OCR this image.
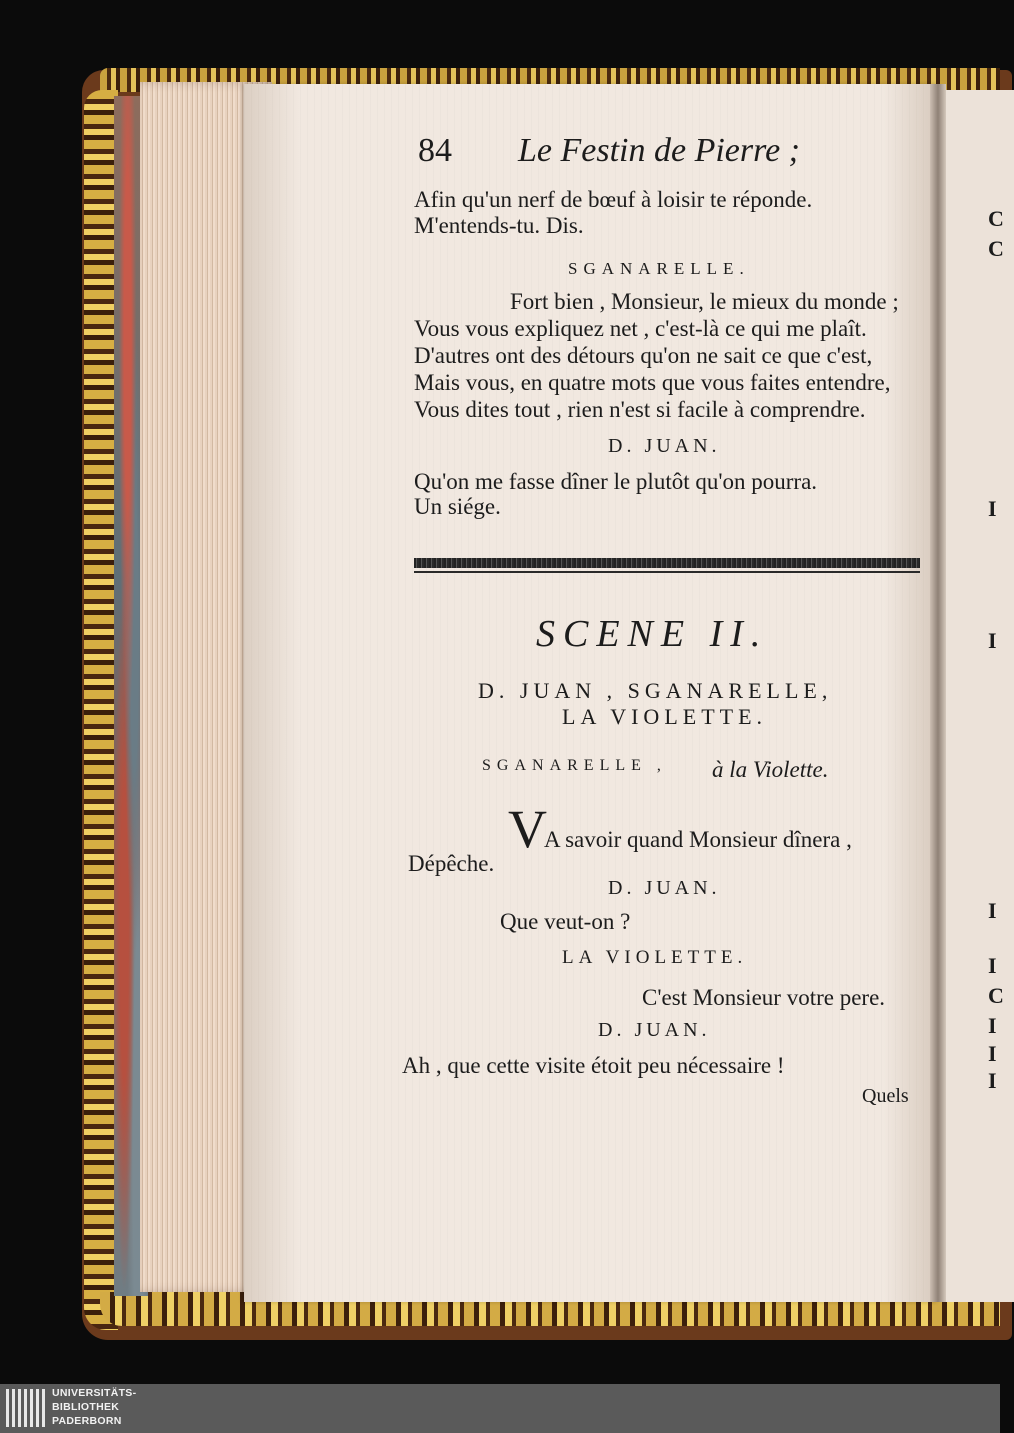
C
C
I
I
I
I
C
I
I
I
84 Le Festin de Pierre ;
Afin qu'un nerf de bœuf à loisir te réponde.
M'entends-tu. Dis.
SGANARELLE.
Fort bien , Monsieur, le mieux du monde ;
Vous vous expliquez net , c'est-là ce qui me plaît.
D'autres ont des détours qu'on ne sait ce que c'est,
Mais vous, en quatre mots que vous faites entendre,
Vous dites tout , rien n'est si facile à comprendre.
D. JUAN.
Qu'on me fasse dîner le plutôt qu'on pourra.
Un siége.
SCENE II.
D. JUAN , SGANARELLE,
LA VIOLETTE.
SGANARELLE , à la Violette.
V
A savoir quand Monsieur dînera ,
Dépêche.
D. JUAN.
Que veut-on ?
LA VIOLETTE.
C'est Monsieur votre pere.
D. JUAN.
Ah , que cette visite étoit peu nécessaire !
Quels
UNIVERSITÄTS-
BIBLIOTHEK
PADERBORN
